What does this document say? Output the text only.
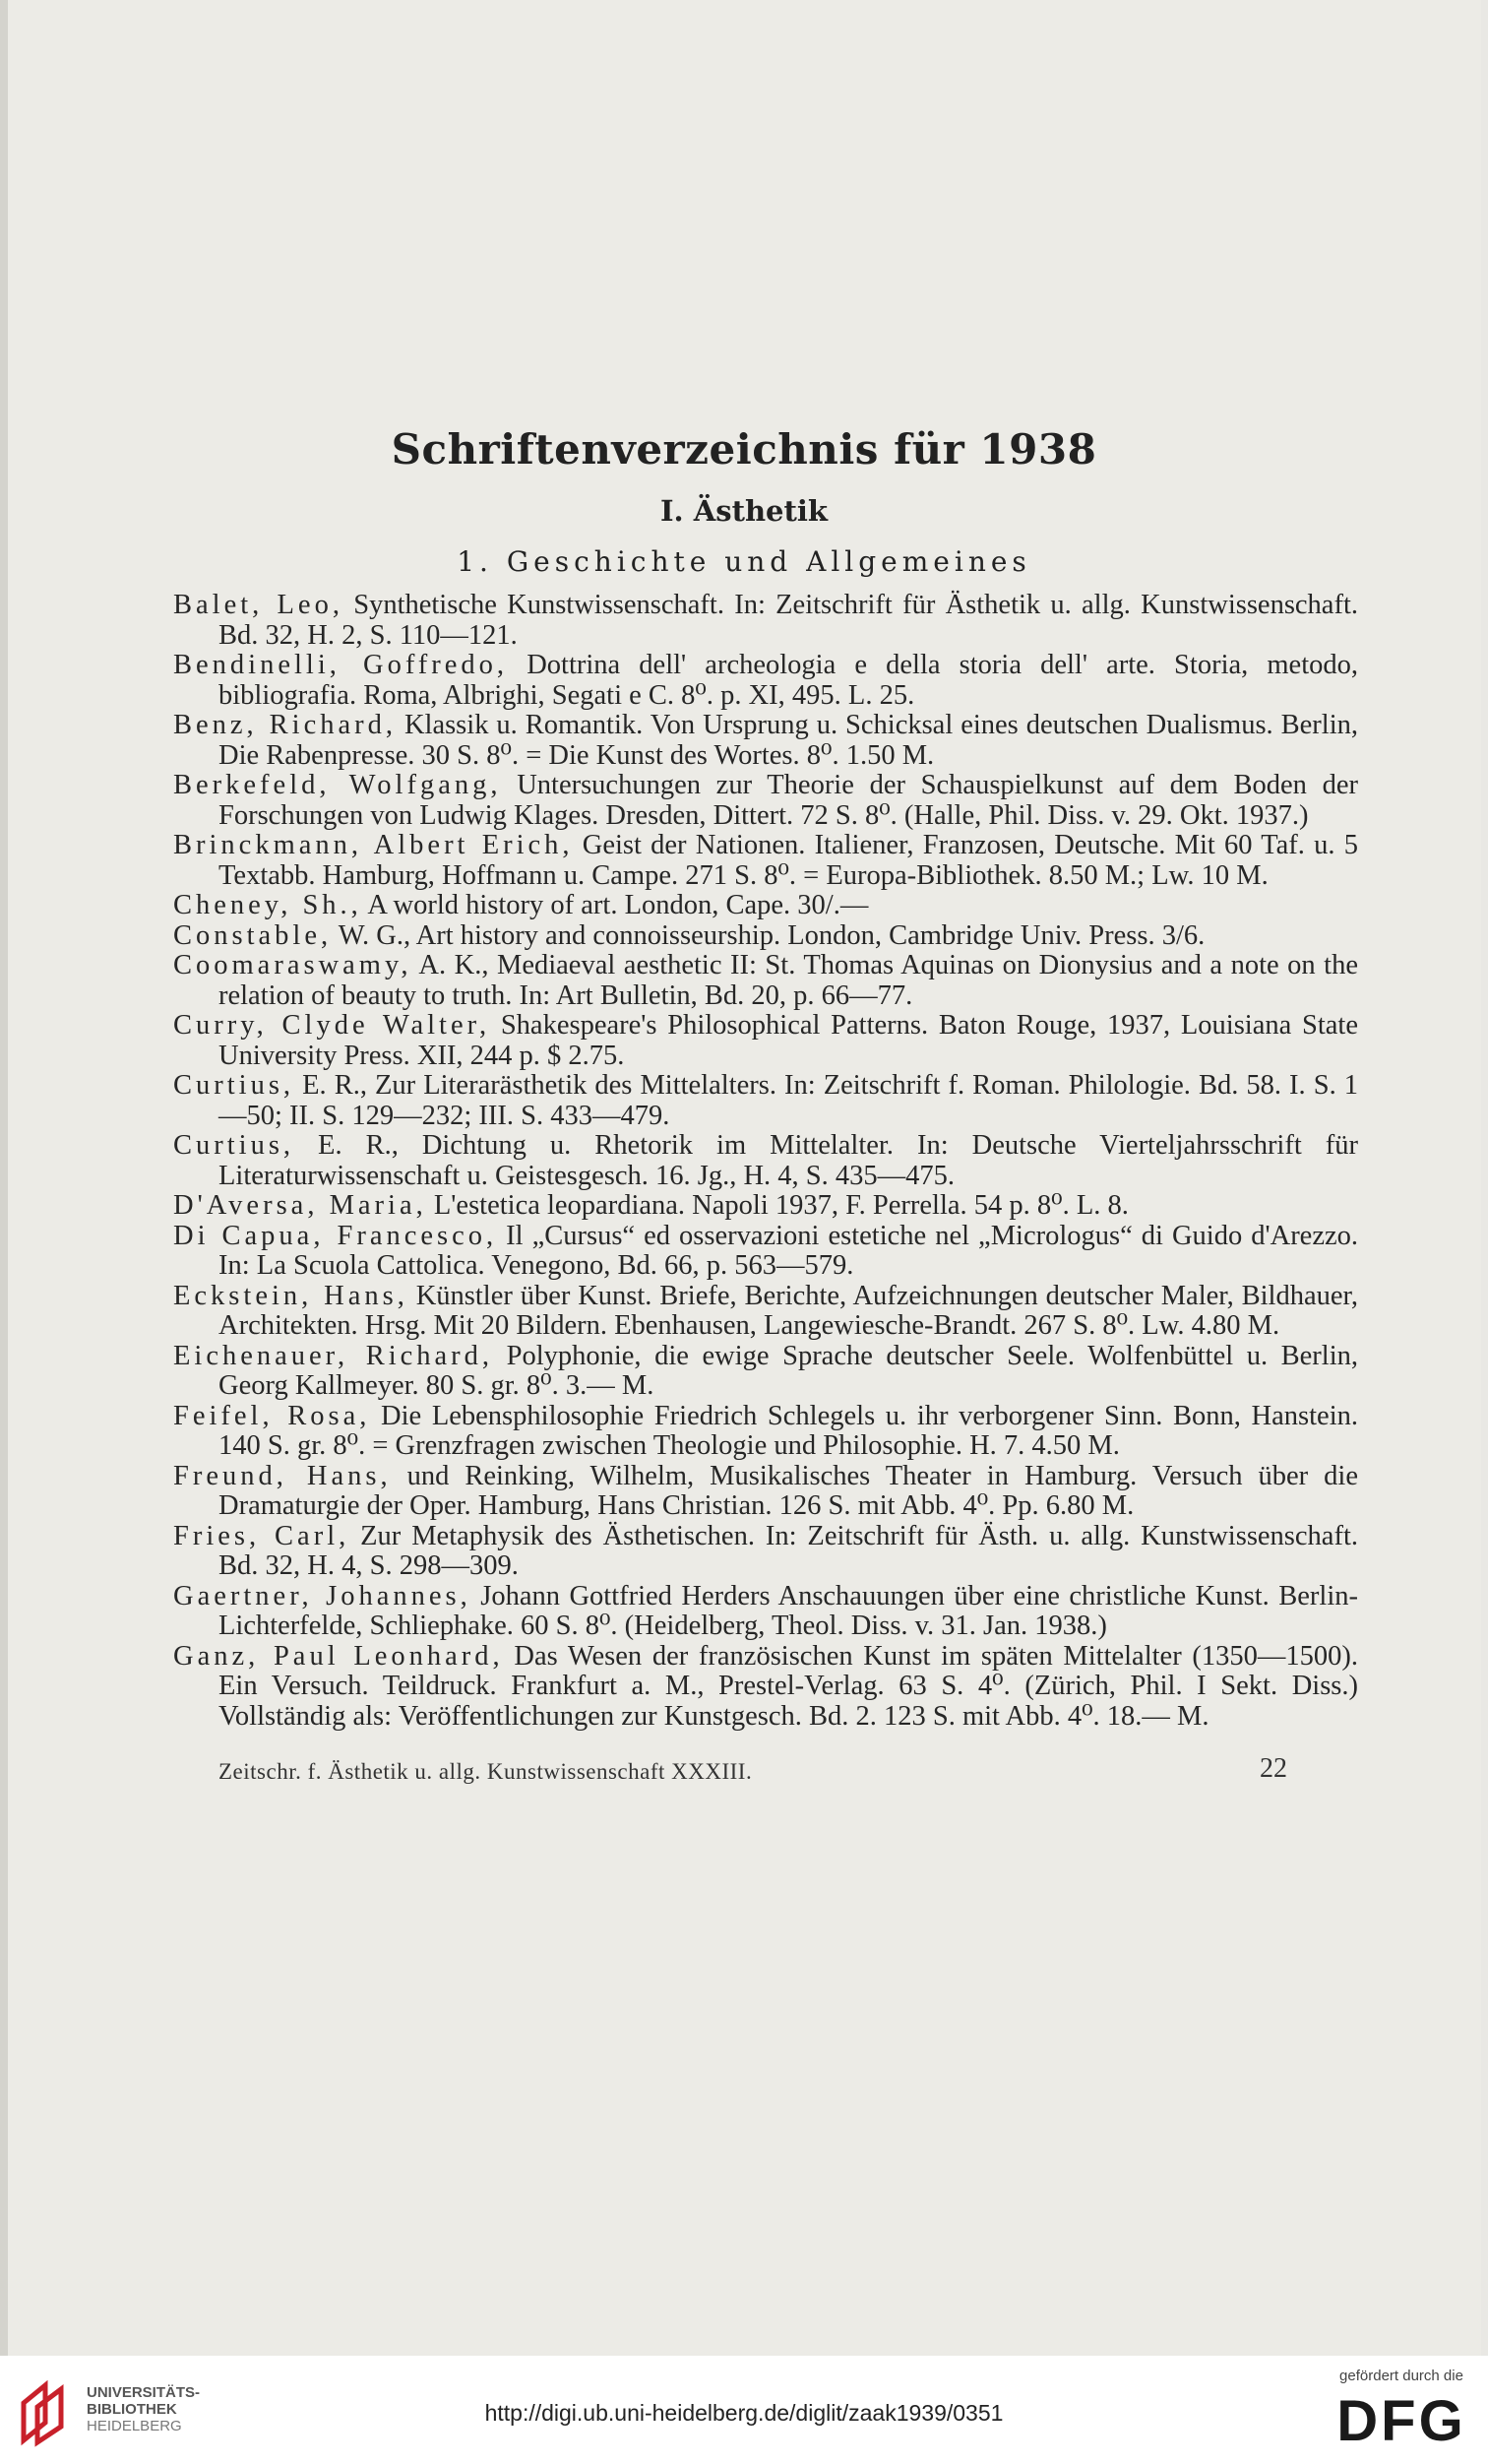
Schriftenverzeichnis für 1938
I. Ästhetik
1. Geschichte und Allgemeines
Balet, Leo, Synthetische Kunstwissenschaft. In: Zeitschrift für Ästhetik u. allg. Kunstwissenschaft. Bd. 32, H. 2, S. 110—121.
Bendinelli, Goffredo, Dottrina dell' archeologia e della storia dell' arte. Storia, metodo, bibliografia. Roma, Albrighi, Segati e C. 8⁰. p. XI, 495. L. 25.
Benz, Richard, Klassik u. Romantik. Von Ursprung u. Schicksal eines deutschen Dualismus. Berlin, Die Rabenpresse. 30 S. 8⁰. = Die Kunst des Wortes. 8⁰. 1.50 M.
Berkefeld, Wolfgang, Untersuchungen zur Theorie der Schauspielkunst auf dem Boden der Forschungen von Ludwig Klages. Dresden, Dittert. 72 S. 8⁰. (Halle, Phil. Diss. v. 29. Okt. 1937.)
Brinckmann, Albert Erich, Geist der Nationen. Italiener, Franzosen, Deutsche. Mit 60 Taf. u. 5 Textabb. Hamburg, Hoffmann u. Campe. 271 S. 8⁰. = Europa-Bibliothek. 8.50 M.; Lw. 10 M.
Cheney, Sh., A world history of art. London, Cape. 30/.—
Constable, W. G., Art history and connoisseurship. London, Cambridge Univ. Press. 3/6.
Coomaraswamy, A. K., Mediaeval aesthetic II: St. Thomas Aquinas on Dionysius and a note on the relation of beauty to truth. In: Art Bulletin, Bd. 20, p. 66—77.
Curry, Clyde Walter, Shakespeare's Philosophical Patterns. Baton Rouge, 1937, Louisiana State University Press. XII, 244 p. $ 2.75.
Curtius, E. R., Zur Literarästhetik des Mittelalters. In: Zeitschrift f. Roman. Philologie. Bd. 58. I. S. 1—50; II. S. 129—232; III. S. 433—479.
Curtius, E. R., Dichtung u. Rhetorik im Mittelalter. In: Deutsche Vierteljahrsschrift für Literaturwissenschaft u. Geistesgesch. 16. Jg., H. 4, S. 435—475.
D'Aversa, Maria, L'estetica leopardiana. Napoli 1937, F. Perrella. 54 p. 8⁰. L. 8.
Di Capua, Francesco, Il „Cursus“ ed osservazioni estetiche nel „Micrologus“ di Guido d'Arezzo. In: La Scuola Cattolica. Venegono, Bd. 66, p. 563—579.
Eckstein, Hans, Künstler über Kunst. Briefe, Berichte, Aufzeichnungen deutscher Maler, Bildhauer, Architekten. Hrsg. Mit 20 Bildern. Ebenhausen, Langewiesche-Brandt. 267 S. 8⁰. Lw. 4.80 M.
Eichenauer, Richard, Polyphonie, die ewige Sprache deutscher Seele. Wolfenbüttel u. Berlin, Georg Kallmeyer. 80 S. gr. 8⁰. 3.— M.
Feifel, Rosa, Die Lebensphilosophie Friedrich Schlegels u. ihr verborgener Sinn. Bonn, Hanstein. 140 S. gr. 8⁰. = Grenzfragen zwischen Theologie und Philosophie. H. 7. 4.50 M.
Freund, Hans, und Reinking, Wilhelm, Musikalisches Theater in Hamburg. Versuch über die Dramaturgie der Oper. Hamburg, Hans Christian. 126 S. mit Abb. 4⁰. Pp. 6.80 M.
Fries, Carl, Zur Metaphysik des Ästhetischen. In: Zeitschrift für Ästh. u. allg. Kunstwissenschaft. Bd. 32, H. 4, S. 298—309.
Gaertner, Johannes, Johann Gottfried Herders Anschauungen über eine christliche Kunst. Berlin-Lichterfelde, Schliephake. 60 S. 8⁰. (Heidelberg, Theol. Diss. v. 31. Jan. 1938.)
Ganz, Paul Leonhard, Das Wesen der französischen Kunst im späten Mittelalter (1350—1500). Ein Versuch. Teildruck. Frankfurt a. M., Prestel-Verlag. 63 S. 4⁰. (Zürich, Phil. I Sekt. Diss.) Vollständig als: Veröffentlichungen zur Kunstgesch. Bd. 2. 123 S. mit Abb. 4⁰. 18.— M.
Zeitschr. f. Ästhetik u. allg. Kunstwissenschaft XXXIII.	22
UNIVERSITÄTS-
BIBLIOTHEK
HEIDELBERG
http://digi.ub.uni-heidelberg.de/diglit/zaak1939/0351
gefördert durch die
DFG
